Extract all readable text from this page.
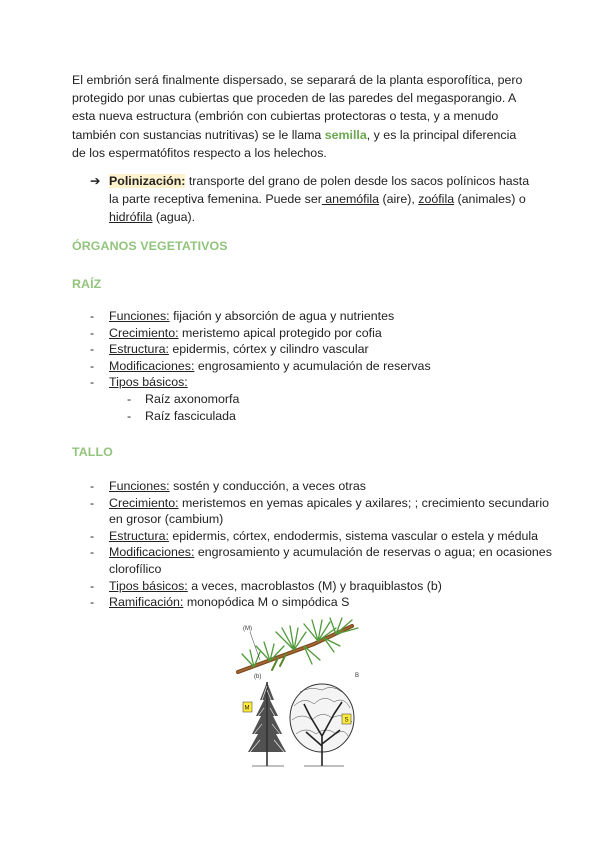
El embrión será finalmente dispersado, se separará de la planta esporofítica, pero protegido por unas cubiertas que proceden de las paredes del megasporangio. A esta nueva estructura (embrión con cubiertas protectoras o testa, y a menudo también con sustancias nutritivas) se le llama semilla, y es la principal diferencia de los espermatófitos respecto a los helechos.

➔ Polinización: transporte del grano de polen desde los sacos polínicos hasta la parte receptiva femenina. Puede ser anemófila (aire), zoófila (animales) o hidrófila (agua).
ÓRGANOS VEGETATIVOS
RAÍZ
- Funciones: fijación y absorción de agua y nutrientes
- Crecimiento: meristemo apical protegido por cofia
- Estructura: epidermis, córtex y cilindro vascular
- Modificaciones: engrosamiento y acumulación de reservas
- Tipos básicos:
- Raíz axonomorfa
- Raíz fasciculada
TALLO
- Funciones: sostén y conducción, a veces otras
- Crecimiento: meristemos en yemas apicales y axilares; ; crecimiento secundario en grosor (cambium)
- Estructura: epidermis, córtex, endodermis, sistema vascular o estela y médula
- Modificaciones: engrosamiento y acumulación de reservas o agua; en ocasiones clorofílico
- Tipos básicos: a veces, macroblastos (M) y braquiblastos (b)
- Ramificación: monopódica M o simpódica S
(M)
(b)	B
M
S
